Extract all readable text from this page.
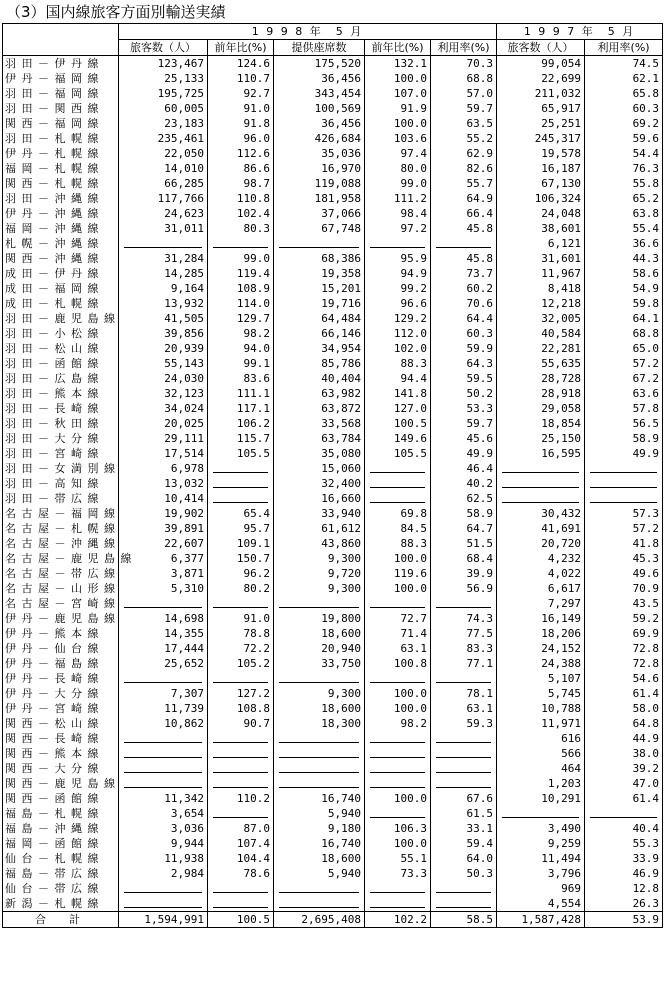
（3）国内線旅客方面別輸送実績
	1 9 9 8 年　5 月					1 9 9 7 年　5 月	
	旅客数（人）	前年比(%)	提供座席数	前年比(%)	利用率(%)	旅客数（人）	利用率(%)
羽 田 － 伊 丹 線	123,467	124.6	175,520	132.1	70.3	99,054	74.5
伊 丹 － 福 岡 線	25,133	110.7	36,456	100.0	68.8	22,699	62.1
羽 田 － 福 岡 線	195,725	92.7	343,454	107.0	57.0	211,032	65.8
羽 田 － 関 西 線	60,005	91.0	100,569	91.9	59.7	65,917	60.3
関 西 － 福 岡 線	23,183	91.8	36,456	100.0	63.5	25,251	69.2
羽 田 － 札 幌 線	235,461	96.0	426,684	103.6	55.2	245,317	59.6
伊 丹 － 札 幌 線	22,050	112.6	35,036	97.4	62.9	19,578	54.4
福 岡 － 札 幌 線	14,010	86.6	16,970	80.0	82.6	16,187	76.3
関 西 － 札 幌 線	66,285	98.7	119,088	99.0	55.7	67,130	55.8
羽 田 － 沖 縄 線	117,766	110.8	181,958	111.2	64.9	106,324	65.2
伊 丹 － 沖 縄 線	24,623	102.4	37,066	98.4	66.4	24,048	63.8
福 岡 － 沖 縄 線	31,011	80.3	67,748	97.2	45.8	38,601	55.4
札 幌 － 沖 縄 線						6,121	36.6
関 西 － 沖 縄 線	31,284	99.0	68,386	95.9	45.8	31,601	44.3
成 田 － 伊 丹 線	14,285	119.4	19,358	94.9	73.7	11,967	58.6
成 田 － 福 岡 線	9,164	108.9	15,201	99.2	60.2	8,418	54.9
成 田 － 札 幌 線	13,932	114.0	19,716	96.6	70.6	12,218	59.8
羽 田 － 鹿 児 島 線	41,505	129.7	64,484	129.2	64.4	32,005	64.1
羽 田 － 小 松 線	39,856	98.2	66,146	112.0	60.3	40,584	68.8
羽 田 － 松 山 線	20,939	94.0	34,954	102.0	59.9	22,281	65.0
羽 田 － 函 館 線	55,143	99.1	85,786	88.3	64.3	55,635	57.2
羽 田 － 広 島 線	24,030	83.6	40,404	94.4	59.5	28,728	67.2
羽 田 － 熊 本 線	32,123	111.1	63,982	141.8	50.2	28,918	63.6
羽 田 － 長 崎 線	34,024	117.1	63,872	127.0	53.3	29,058	57.8
羽 田 － 秋 田 線	20,025	106.2	33,568	100.5	59.7	18,854	56.5
羽 田 － 大 分 線	29,111	115.7	63,784	149.6	45.6	25,150	58.9
羽 田 － 宮 崎 線	17,514	105.5	35,080	105.5	49.9	16,595	49.9
羽 田 － 女 満 別 線	6,978		15,060		46.4	

羽 田 － 高 知 線	13,032		32,400		40.2	

羽 田 － 帯 広 線	10,414		16,660		62.5	

名 古 屋 － 福 岡 線	19,902	65.4	33,940	69.8	58.9	30,432	57.3
名 古 屋 － 札 幌 線	39,891	95.7	61,612	84.5	64.7	41,691	57.2
名 古 屋 － 沖 縄 線	22,607	109.1	43,860	88.3	51.5	20,720	41.8
名 古 屋 － 鹿 児 島 線	6,377	150.7	9,300	100.0	68.4	4,232	45.3
名 古 屋 － 帯 広 線	3,871	96.2	9,720	119.6	39.9	4,022	49.6
名 古 屋 － 山 形 線	5,310	80.2	9,300	100.0	56.9	6,617	70.9
名 古 屋 － 宮 崎 線						7,297	43.5
伊 丹 － 鹿 児 島 線	14,698	91.0	19,800	72.7	74.3	16,149	59.2
伊 丹 － 熊 本 線	14,355	78.8	18,600	71.4	77.5	18,206	69.9
伊 丹 － 仙 台 線	17,444	72.2	20,940	63.1	83.3	24,152	72.8
伊 丹 － 福 島 線	25,652	105.2	33,750	100.8	77.1	24,388	72.8
伊 丹 － 長 崎 線						5,107	54.6
伊 丹 － 大 分 線	7,307	127.2	9,300	100.0	78.1	5,745	61.4
伊 丹 － 宮 崎 線	11,739	108.8	18,600	100.0	63.1	10,788	58.0
関 西 － 松 山 線	10,862	90.7	18,300	98.2	59.3	11,971	64.8
関 西 － 長 崎 線						616	44.9
関 西 － 熊 本 線						566	38.0
関 西 － 大 分 線						464	39.2
関 西 － 鹿 児 島 線						1,203	47.0
関 西 － 函 館 線	11,342	110.2	16,740	100.0	67.6	10,291	61.4
福 島 － 札 幌 線	3,654		5,940		61.5	

福 島 － 沖 縄 線	3,036	87.0	9,180	106.3	33.1	3,490	40.4
福 岡 － 函 館 線	9,944	107.4	16,740	100.0	59.4	9,259	55.3
仙 台 － 札 幌 線	11,938	104.4	18,600	55.1	64.0	11,494	33.9
福 島 － 帯 広 線	2,984	78.6	5,940	73.3	50.3	3,796	46.9
仙 台 － 帯 広 線						969	12.8
新 潟 － 札 幌 線						4,554	26.3
合　計	1,594,991	100.5	2,695,408	102.2	58.5	1,587,428	53.9
